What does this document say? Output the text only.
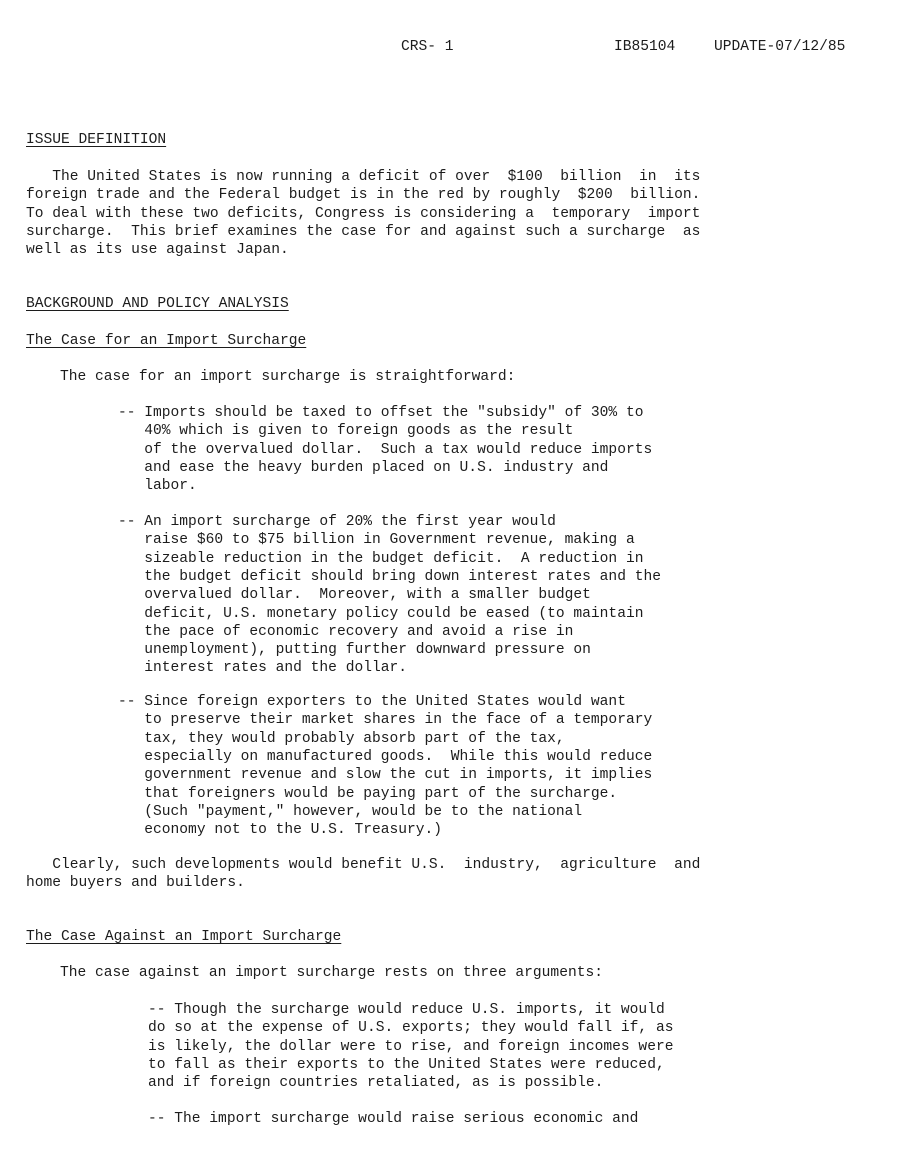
CRS- 1	IB85104	UPDATE-07/12/85
ISSUE DEFINITION
The United States is now running a deficit of over  $100  billion  in  its
foreign trade and the Federal budget is in the red by roughly  $200  billion.
To deal with these two deficits, Congress is considering a  temporary  import
surcharge.  This brief examines the case for and against such a surcharge  as
well as its use against Japan.
BACKGROUND AND POLICY ANALYSIS
The Case for an Import Surcharge
The case for an import surcharge is straightforward:
-- Imports should be taxed to offset the "subsidy" of 30% to
40% which is given to foreign goods as the result
of the overvalued dollar.  Such a tax would reduce imports
and ease the heavy burden placed on U.S. industry and
labor.
-- An import surcharge of 20% the first year would
raise $60 to $75 billion in Government revenue, making a
sizeable reduction in the budget deficit.  A reduction in
the budget deficit should bring down interest rates and the
overvalued dollar.  Moreover, with a smaller budget
deficit, U.S. monetary policy could be eased (to maintain
the pace of economic recovery and avoid a rise in
unemployment), putting further downward pressure on
interest rates and the dollar.
-- Since foreign exporters to the United States would want
to preserve their market shares in the face of a temporary
tax, they would probably absorb part of the tax,
especially on manufactured goods.  While this would reduce
government revenue and slow the cut in imports, it implies
that foreigners would be paying part of the surcharge.
(Such "payment," however, would be to the national
economy not to the U.S. Treasury.)
Clearly, such developments would benefit U.S.  industry,  agriculture  and
home buyers and builders.
The Case Against an Import Surcharge
The case against an import surcharge rests on three arguments:
-- Though the surcharge would reduce U.S. imports, it would
do so at the expense of U.S. exports; they would fall if, as
is likely, the dollar were to rise, and foreign incomes were
to fall as their exports to the United States were reduced,
and if foreign countries retaliated, as is possible.
-- The import surcharge would raise serious economic and
